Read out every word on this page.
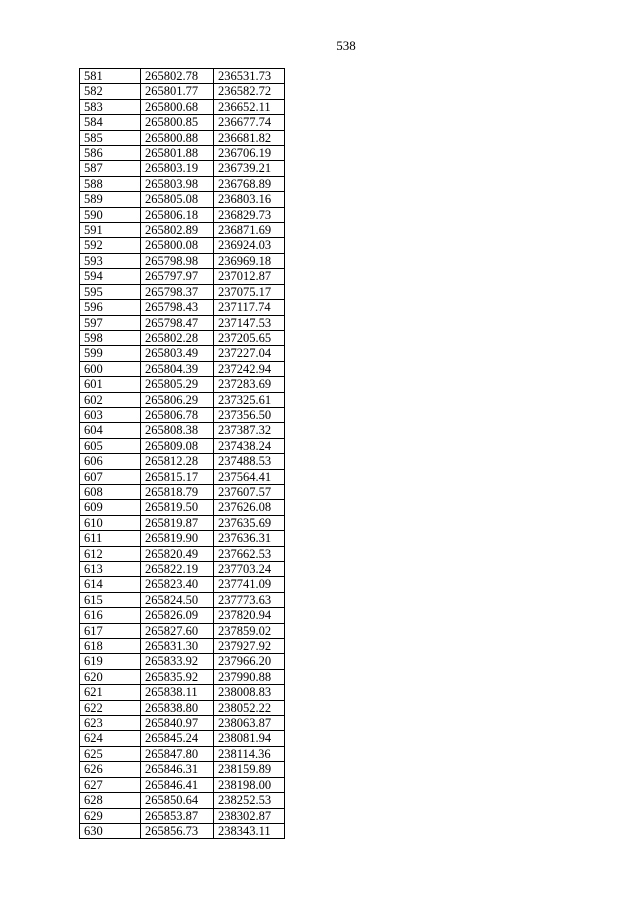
538
581	265802.78	236531.73
582	265801.77	236582.72
583	265800.68	236652.11
584	265800.85	236677.74
585	265800.88	236681.82
586	265801.88	236706.19
587	265803.19	236739.21
588	265803.98	236768.89
589	265805.08	236803.16
590	265806.18	236829.73
591	265802.89	236871.69
592	265800.08	236924.03
593	265798.98	236969.18
594	265797.97	237012.87
595	265798.37	237075.17
596	265798.43	237117.74
597	265798.47	237147.53
598	265802.28	237205.65
599	265803.49	237227.04
600	265804.39	237242.94
601	265805.29	237283.69
602	265806.29	237325.61
603	265806.78	237356.50
604	265808.38	237387.32
605	265809.08	237438.24
606	265812.28	237488.53
607	265815.17	237564.41
608	265818.79	237607.57
609	265819.50	237626.08
610	265819.87	237635.69
611	265819.90	237636.31
612	265820.49	237662.53
613	265822.19	237703.24
614	265823.40	237741.09
615	265824.50	237773.63
616	265826.09	237820.94
617	265827.60	237859.02
618	265831.30	237927.92
619	265833.92	237966.20
620	265835.92	237990.88
621	265838.11	238008.83
622	265838.80	238052.22
623	265840.97	238063.87
624	265845.24	238081.94
625	265847.80	238114.36
626	265846.31	238159.89
627	265846.41	238198.00
628	265850.64	238252.53
629	265853.87	238302.87
630	265856.73	238343.11
